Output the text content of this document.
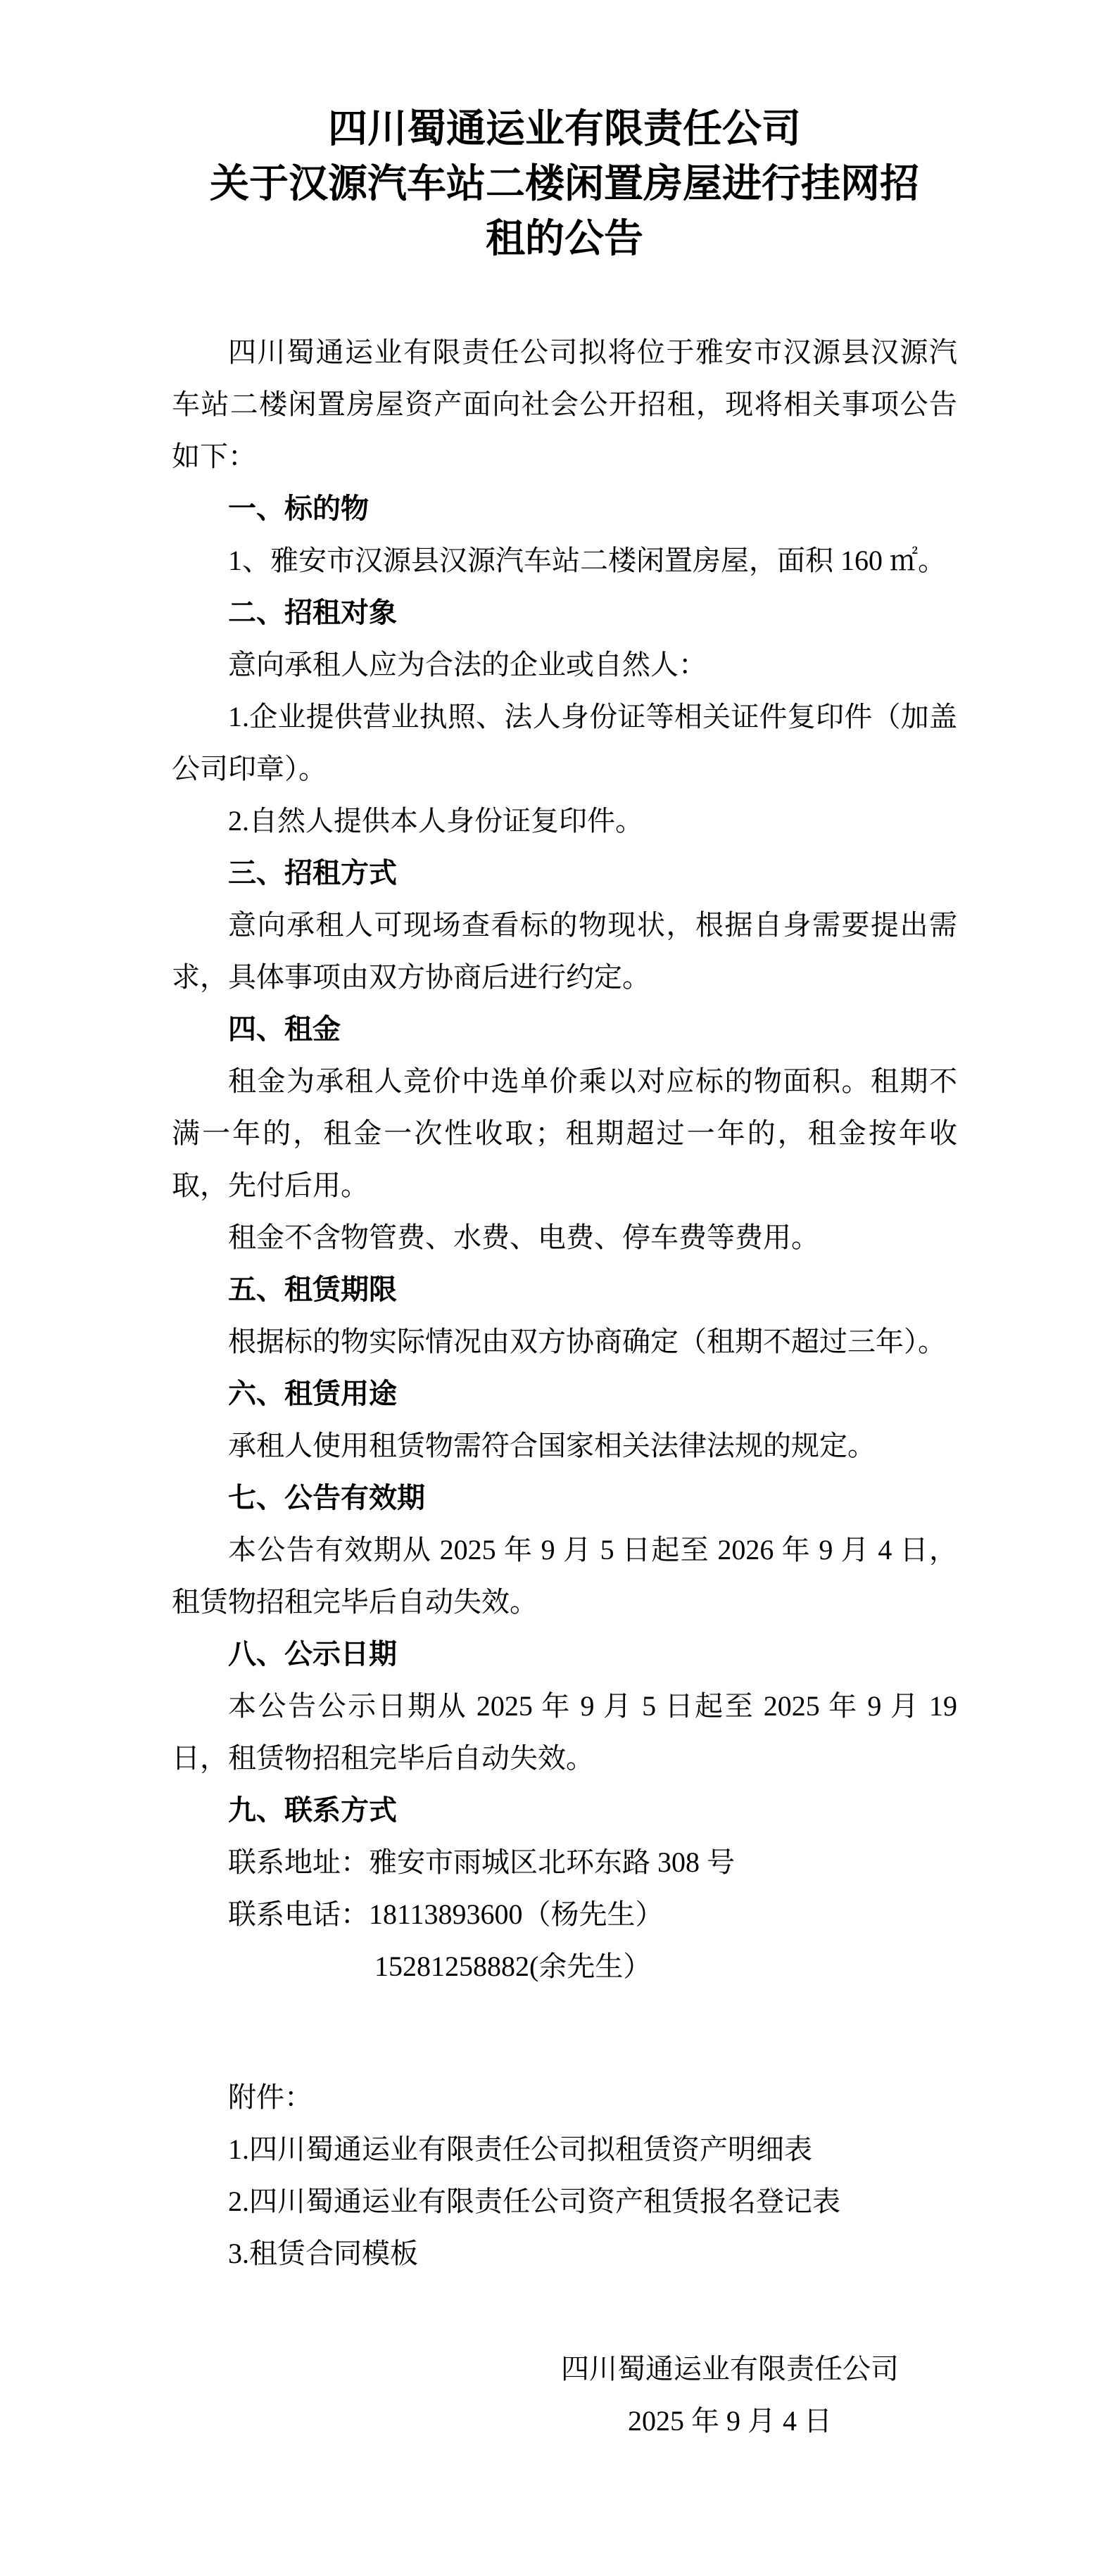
四川蜀通运业有限责任公司
关于汉源汽车站二楼闲置房屋进行挂网招
租的公告

四川蜀通运业有限责任公司拟将位于雅安市汉源县汉源汽车站二楼闲置房屋资产面向社会公开招租，现将相关事项公告如下：

一、标的物

1、雅安市汉源县汉源汽车站二楼闲置房屋，面积 160 ㎡。

二、招租对象

意向承租人应为合法的企业或自然人：

1.企业提供营业执照、法人身份证等相关证件复印件（加盖公司印章）。

2.自然人提供本人身份证复印件。

三、招租方式

意向承租人可现场查看标的物现状，根据自身需要提出需求，具体事项由双方协商后进行约定。

四、租金

租金为承租人竞价中选单价乘以对应标的物面积。租期不满一年的，租金一次性收取；租期超过一年的，租金按年收取，先付后用。

租金不含物管费、水费、电费、停车费等费用。

五、租赁期限

根据标的物实际情况由双方协商确定（租期不超过三年）。

六、租赁用途

承租人使用租赁物需符合国家相关法律法规的规定。

七、公告有效期

本公告有效期从 2025 年 9 月 5 日起至 2026 年 9 月 4 日，租赁物招租完毕后自动失效。

八、公示日期

本公告公示日期从 2025 年 9 月 5 日起至 2025 年 9 月 19 日，租赁物招租完毕后自动失效。

九、联系方式

联系地址：雅安市雨城区北环东路 308 号

联系电话：18113893600（杨先生）

15281258882(余先生）

附件：

1.四川蜀通运业有限责任公司拟租赁资产明细表

2.四川蜀通运业有限责任公司资产租赁报名登记表

3.租赁合同模板

四川蜀通运业有限责任公司

2025 年 9 月 4 日
